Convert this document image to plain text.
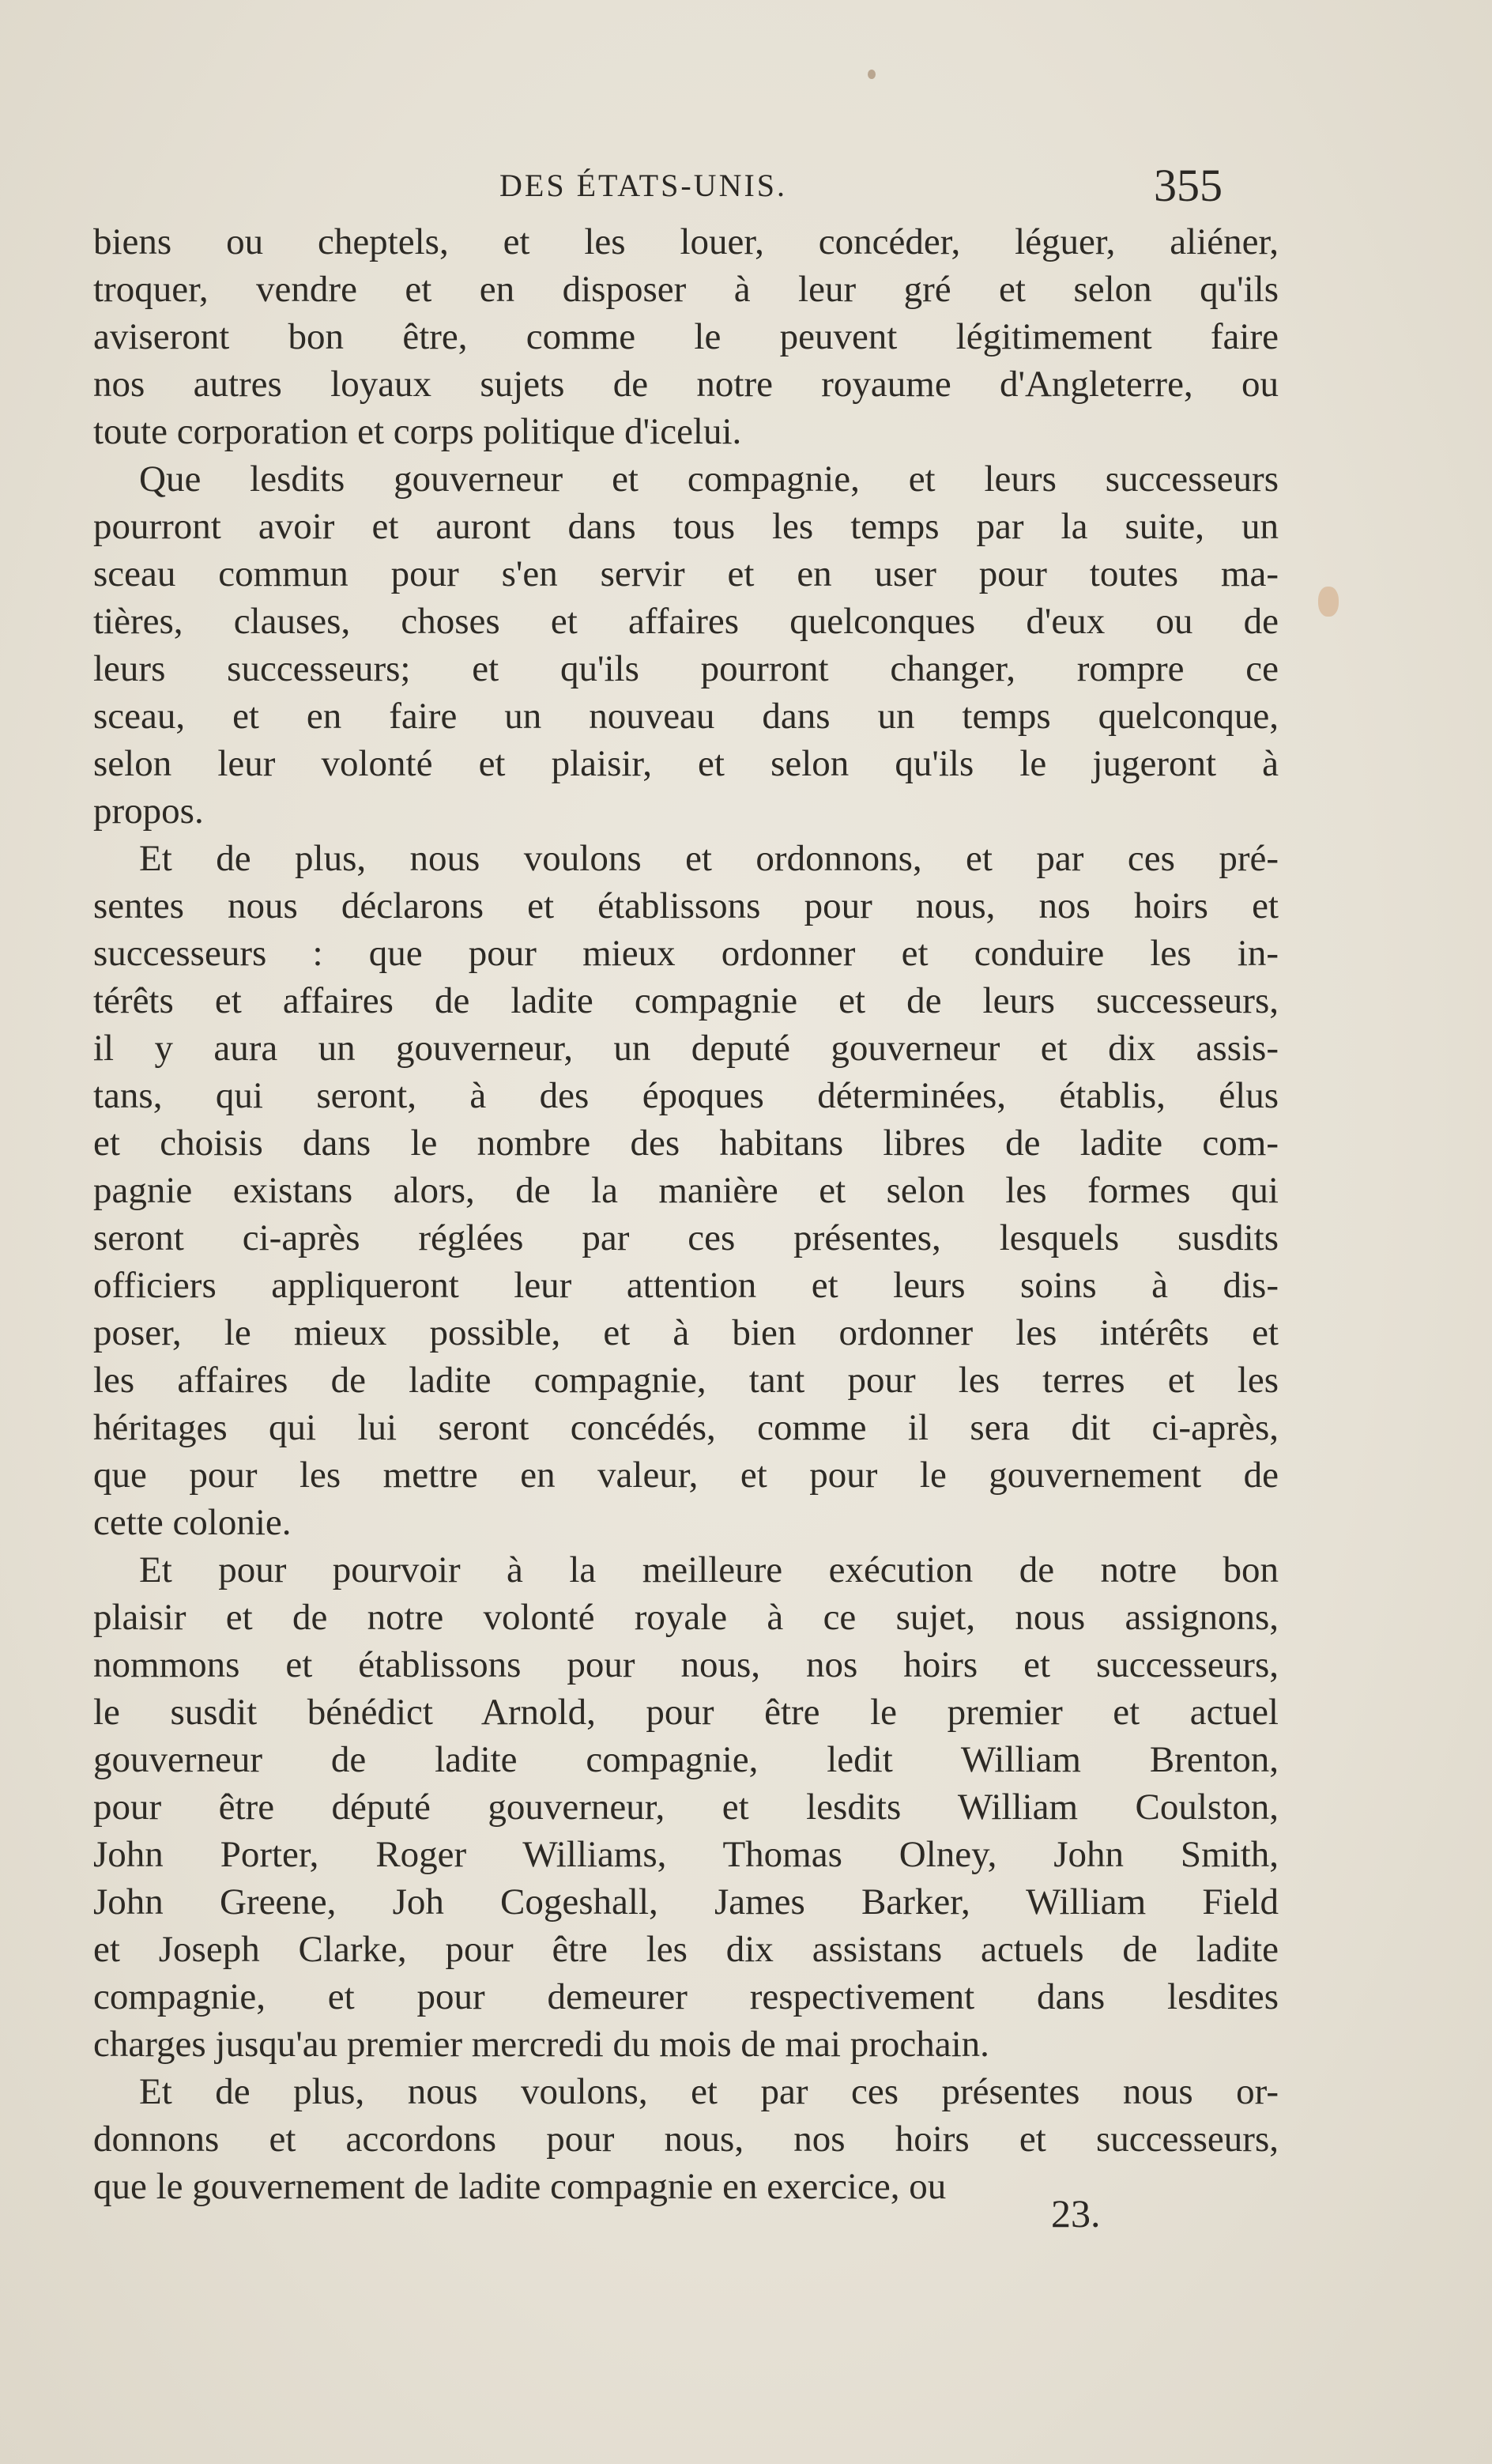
DES ÉTATS-UNIS.	355
biens ou cheptels, et les louer, concéder, léguer, aliéner,
troquer, vendre et en disposer à leur gré et selon qu'ils
aviseront bon être, comme le peuvent légitimement faire
nos autres loyaux sujets de notre royaume d'Angleterre, ou
toute corporation et corps politique d'icelui.
Que lesdits gouverneur et compagnie, et leurs successeurs
pourront avoir et auront dans tous les temps par la suite, un
sceau commun pour s'en servir et en user pour toutes ma-
tières, clauses, choses et affaires quelconques d'eux ou de
leurs successeurs; et qu'ils pourront changer, rompre ce
sceau, et en faire un nouveau dans un temps quelconque,
selon leur volonté et plaisir, et selon qu'ils le jugeront à
propos.
Et de plus, nous voulons et ordonnons, et par ces pré-
sentes nous déclarons et établissons pour nous, nos hoirs et
successeurs : que pour mieux ordonner et conduire les in-
térêts et affaires de ladite compagnie et de leurs successeurs,
il y aura un gouverneur, un deputé gouverneur et dix assis-
tans, qui seront, à des époques déterminées, établis, élus
et choisis dans le nombre des habitans libres de ladite com-
pagnie existans alors, de la manière et selon les formes qui
seront ci-après réglées par ces présentes, lesquels susdits
officiers appliqueront leur attention et leurs soins à dis-
poser, le mieux possible, et à bien ordonner les intérêts et
les affaires de ladite compagnie, tant pour les terres et les
héritages qui lui seront concédés, comme il sera dit ci-après,
que pour les mettre en valeur, et pour le gouvernement de
cette colonie.
Et pour pourvoir à la meilleure exécution de notre bon
plaisir et de notre volonté royale à ce sujet, nous assignons,
nommons et établissons pour nous, nos hoirs et successeurs,
le susdit bénédict Arnold, pour être le premier et actuel
gouverneur de ladite compagnie, ledit William Brenton,
pour être député gouverneur, et lesdits William Coulston,
John Porter, Roger Williams, Thomas Olney, John Smith,
John Greene, Joh Cogeshall, James Barker, William Field
et Joseph Clarke, pour être les dix assistans actuels de ladite
compagnie, et pour demeurer respectivement dans lesdites
charges jusqu'au premier mercredi du mois de mai prochain.
Et de plus, nous voulons, et par ces présentes nous or-
donnons et accordons pour nous, nos hoirs et successeurs,
que le gouvernement de ladite compagnie en exercice, ou
23.
